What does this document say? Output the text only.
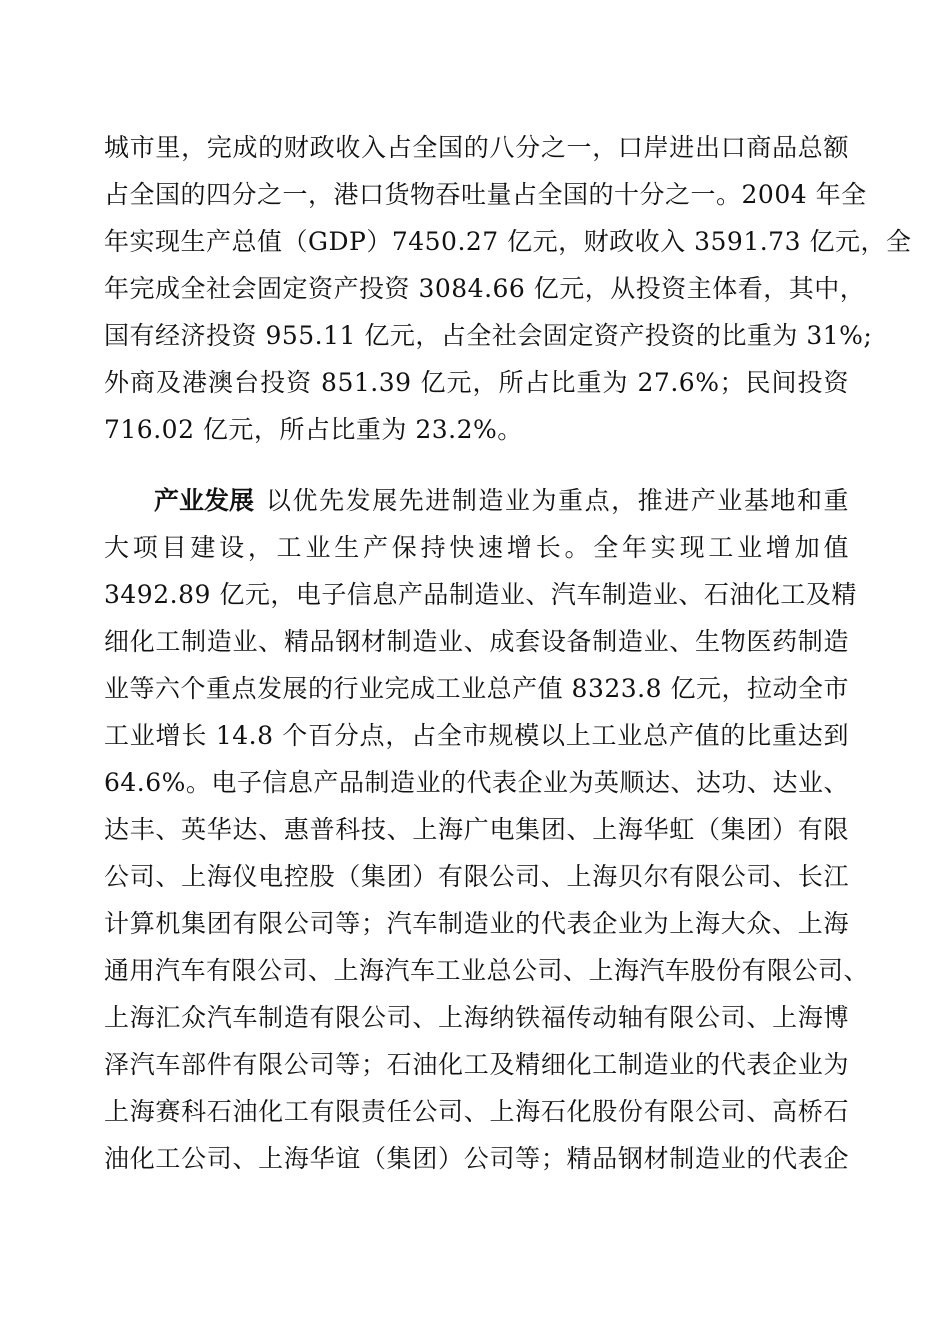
城市里，完成的财政收入占全国的八分之一，口岸进出口商品总额
占全国的四分之一，港口货物吞吐量占全国的十分之一。2004 年全
年实现生产总值（GDP）7450.27 亿元，财政收入 3591.73 亿元，全
年完成全社会固定资产投资 3084.66 亿元，从投资主体看，其中，
国有经济投资 955.11 亿元，占全社会固定资产投资的比重为 31%;
外商及港澳台投资 851.39 亿元，所占比重为 27.6%；民间投资
716.02 亿元，所占比重为 23.2%。
产业发展 以优先发展先进制造业为重点，推进产业基地和重
大项目建设，工业生产保持快速增长。全年实现工业增加值
3492.89 亿元，电子信息产品制造业、汽车制造业、石油化工及精
细化工制造业、精品钢材制造业、成套设备制造业、生物医药制造
业等六个重点发展的行业完成工业总产值 8323.8 亿元，拉动全市
工业增长 14.8 个百分点，占全市规模以上工业总产值的比重达到
64.6%。电子信息产品制造业的代表企业为英顺达、达功、达业、
达丰、英华达、惠普科技、上海广电集团、上海华虹（集团）有限
公司、上海仪电控股（集团）有限公司、上海贝尔有限公司、长江
计算机集团有限公司等；汽车制造业的代表企业为上海大众、上海
通用汽车有限公司、上海汽车工业总公司、上海汽车股份有限公司、
上海汇众汽车制造有限公司、上海纳铁福传动轴有限公司、上海博
泽汽车部件有限公司等；石油化工及精细化工制造业的代表企业为
上海赛科石油化工有限责任公司、上海石化股份有限公司、高桥石
油化工公司、上海华谊（集团）公司等；精品钢材制造业的代表企
